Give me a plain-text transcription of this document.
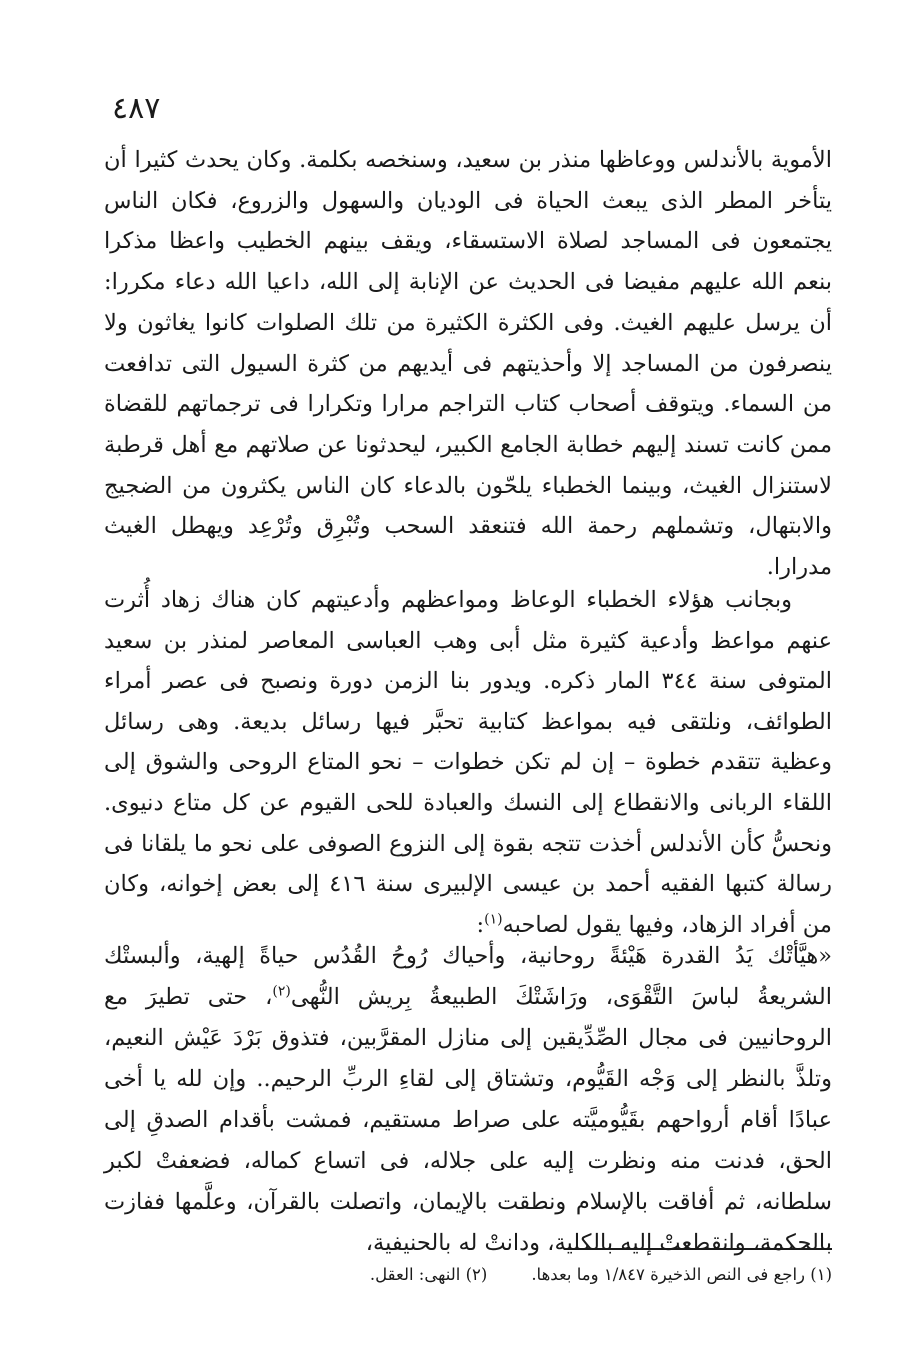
٤٨٧

الأموية بالأندلس ووعاظها منذر بن سعيد، وسنخصه بكلمة. وكان يحدث كثيرا أن يتأخر المطر الذى يبعث الحياة فى الوديان والسهول والزروع، فكان الناس يجتمعون فى المساجد لصلاة الاستسقاء، ويقف بينهم الخطيب واعظا مذكرا بنعم الله عليهم مفيضا فى الحديث عن الإنابة إلى الله، داعيا الله دعاء مكررا: أن يرسل عليهم الغيث. وفى الكثرة الكثيرة من تلك الصلوات كانوا يغاثون ولا ينصرفون من المساجد إلا وأحذيتهم فى أيديهم من كثرة السيول التى تدافعت من السماء. ويتوقف أصحاب كتاب التراجم مرارا وتكرارا فى ترجماتهم للقضاة ممن كانت تسند إليهم خطابة الجامع الكبير، ليحدثونا عن صلاتهم مع أهل قرطبة لاستنزال الغيث، وبينما الخطباء يلحّون بالدعاء كان الناس يكثرون من الضجيج والابتهال، وتشملهم رحمة الله فتنعقد السحب وتُبْرِق وتُرْعِد ويهطل الغيث مدرارا.

وبجانب هؤلاء الخطباء الوعاظ ومواعظهم وأدعيتهم كان هناك زهاد أُثرت عنهم مواعظ وأدعية كثيرة مثل أبى وهب العباسى المعاصر لمنذر بن سعيد المتوفى سنة ٣٤٤ المار ذكره. ويدور بنا الزمن دورة ونصبح فى عصر أمراء الطوائف، ونلتقى فيه بمواعظ كتابية تحبَّر فيها رسائل بديعة. وهى رسائل وعظية تتقدم خطوة – إن لم تكن خطوات – نحو المتاع الروحى والشوق إلى اللقاء الربانى والانقطاع إلى النسك والعبادة للحى القيوم عن كل متاع دنيوى. ونحسُّ كأن الأندلس أخذت تتجه بقوة إلى النزوع الصوفى على نحو ما يلقانا فى رسالة كتبها الفقيه أحمد بن عيسى الإلبيرى سنة ٤١٦ إلى بعض إخوانه، وكان من أفراد الزهاد، وفيها يقول لصاحبه$^{(١)}$:

«هيَّأتْك يَدُ القدرة هَيْئةً روحانية، وأحياك رُوحُ القُدُس حياةً إلهية، وألبستْك الشريعةُ لباسَ التَّقْوَى، ورَاشَتْكَ الطبيعةُ بِريش النُّهى$^{(٢)}$، حتى تطيرَ مع الروحانيين فى مجال الصِّدِّيقين إلى منازل المقرَّبين، فتذوق بَرْدَ عَيْش النعيم، وتلذَّ بالنظر إلى وَجْه القَيُّوم، وتشتاق إلى لقاءِ الربِّ الرحيم.. وإن لله يا أخى عبادًا أقام أرواحهم بقَيُّوميَّته على صراط مستقيم، فمشت بأقدام الصدقِ إلى الحق، فدنت منه ونظرت إليه على جلاله، فى اتساع كماله، فضعفتْ لكبر سلطانه، ثم أفاقت بالإسلام ونطقت بالإيمان، واتصلت بالقرآن، وعلَّمها ففازت بالحكمة، وانقطعتْ إليه بالكلية، ودانتْ له بالحنيفية،

(١) راجع فى النص الذخيرة ١/٨٤٧ وما بعدها.(٢) النهى: العقل.
